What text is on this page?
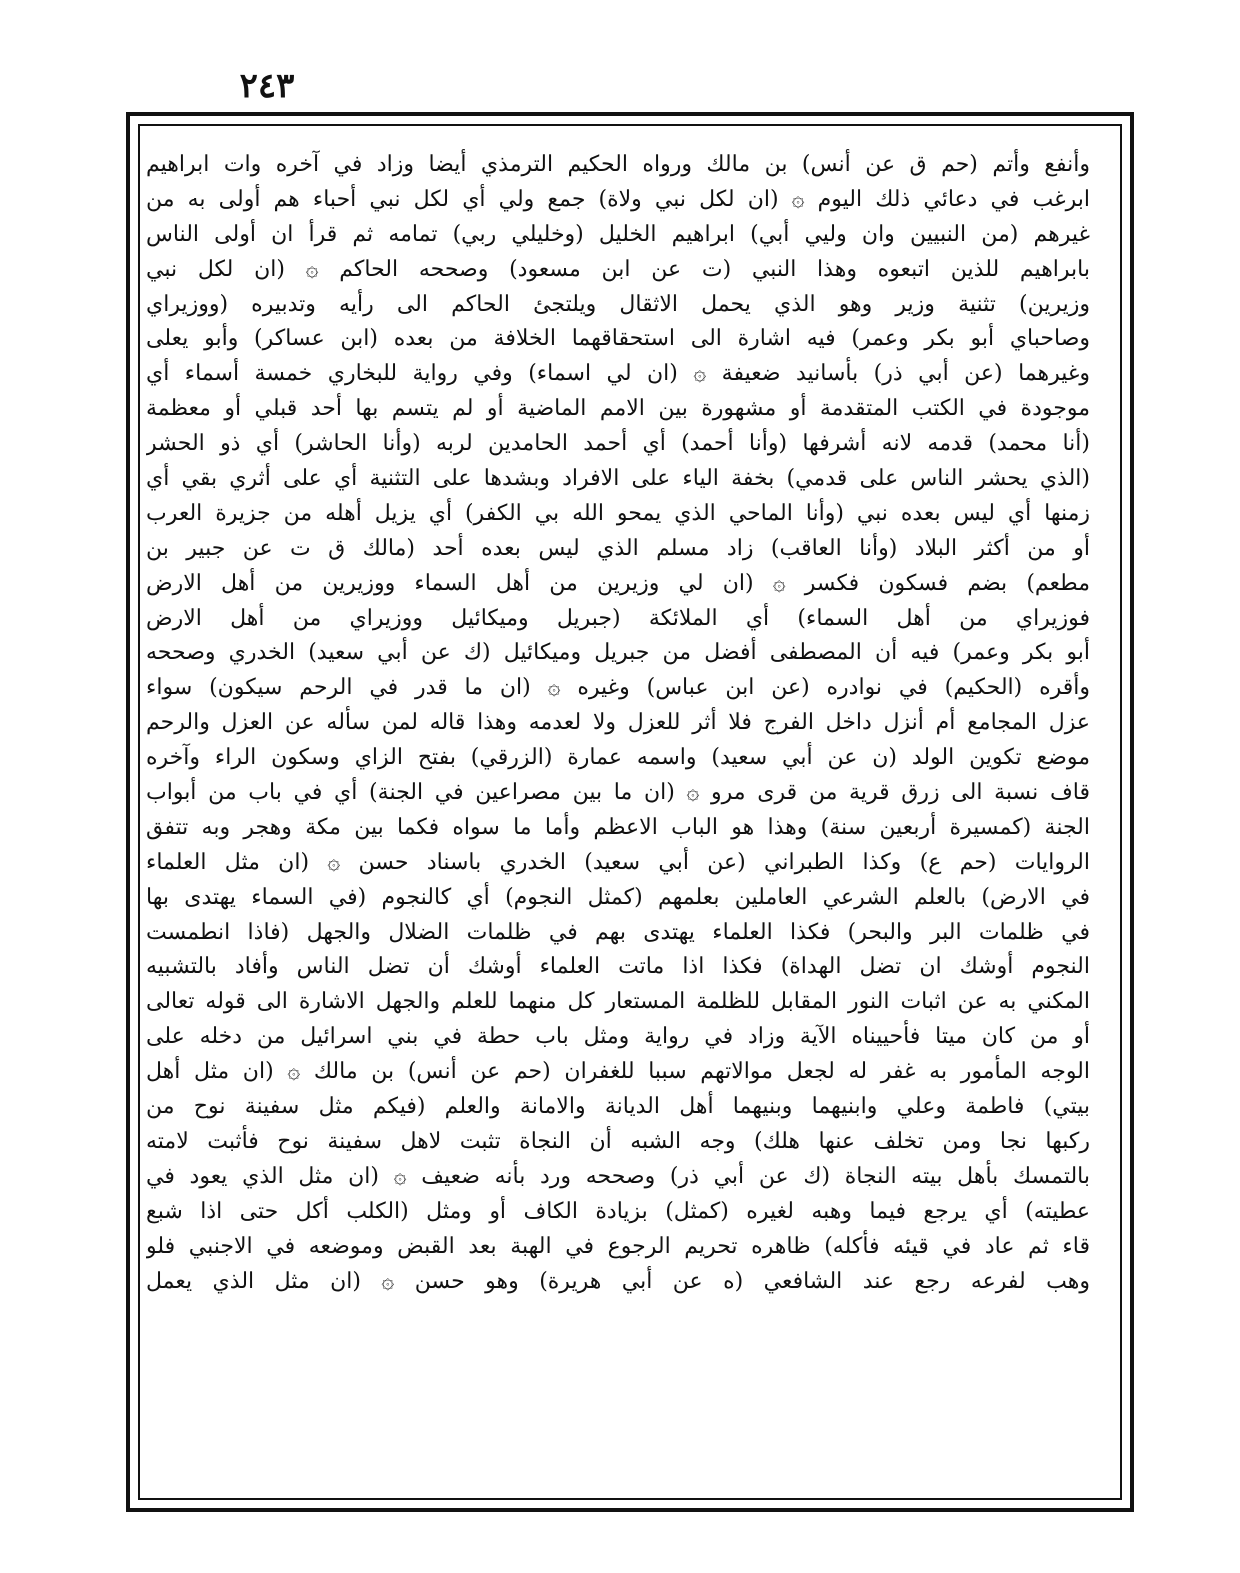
٢٤٣
وأنفع وأتم (حم ق عن أنس) بن مالك ورواه الحكيم الترمذي أيضا وزاد في آخره وات ابراهيم
ابرغب في دعائي ذلك اليوم ۞ (ان لكل نبي ولاة) جمع ولي أي لكل نبي أحباء هم أولى به من
غيرهم (من النبيين وان وليي أبي) ابراهيم الخليل (وخليلي ربي) تمامه ثم قرأ ان أولى الناس
بابراهيم للذين اتبعوه وهذا النبي (ت عن ابن مسعود) وصححه الحاكم ۞ (ان لكل نبي
وزيرين) تثنية وزير وهو الذي يحمل الاثقال ويلتجئ الحاكم الى رأيه وتدبيره (ووزيراي
وصاحباي أبو بكر وعمر) فيه اشارة الى استحقاقهما الخلافة من بعده (ابن عساكر) وأبو يعلى
وغيرهما (عن أبي ذر) بأسانيد ضعيفة ۞ (ان لي اسماء) وفي رواية للبخاري خمسة أسماء أي
موجودة في الكتب المتقدمة أو مشهورة بين الامم الماضية أو لم يتسم بها أحد قبلي أو معظمة
(أنا محمد) قدمه لانه أشرفها (وأنا أحمد) أي أحمد الحامدين لربه (وأنا الحاشر) أي ذو الحشر
(الذي يحشر الناس على قدمي) بخفة الياء على الافراد وبشدها على التثنية أي على أثري بقي أي
زمنها أي ليس بعده نبي (وأنا الماحي الذي يمحو الله بي الكفر) أي يزيل أهله من جزيرة العرب
أو من أكثر البلاد (وأنا العاقب) زاد مسلم الذي ليس بعده أحد (مالك ق ت عن جبير بن
مطعم) بضم فسكون فكسر ۞ (ان لي وزيرين من أهل السماء ووزيرين من أهل الارض
فوزيراي من أهل السماء) أي الملائكة (جبريل وميكائيل ووزيراي من أهل الارض
أبو بكر وعمر) فيه أن المصطفى أفضل من جبريل وميكائيل (ك عن أبي سعيد) الخدري وصححه
وأقره (الحكيم) في نوادره (عن ابن عباس) وغيره ۞ (ان ما قدر في الرحم سيكون) سواء
عزل المجامع أم أنزل داخل الفرج فلا أثر للعزل ولا لعدمه وهذا قاله لمن سأله عن العزل والرحم
موضع تكوين الولد (ن عن أبي سعيد) واسمه عمارة (الزرقي) بفتح الزاي وسكون الراء وآخره
قاف نسبة الى زرق قرية من قرى مرو ۞ (ان ما بين مصراعين في الجنة) أي في باب من أبواب
الجنة (كمسيرة أربعين سنة) وهذا هو الباب الاعظم وأما ما سواه فكما بين مكة وهجر وبه تتفق
الروايات (حم ع) وكذا الطبراني (عن أبي سعيد) الخدري باسناد حسن ۞ (ان مثل العلماء
في الارض) بالعلم الشرعي العاملين بعلمهم (كمثل النجوم) أي كالنجوم (في السماء يهتدى بها
في ظلمات البر والبحر) فكذا العلماء يهتدى بهم في ظلمات الضلال والجهل (فاذا انطمست
النجوم أوشك ان تضل الهداة) فكذا اذا ماتت العلماء أوشك أن تضل الناس وأفاد بالتشبيه
المكني به عن اثبات النور المقابل للظلمة المستعار كل منهما للعلم والجهل الاشارة الى قوله تعالى
أو من كان ميتا فأحييناه الآية وزاد في رواية ومثل باب حطة في بني اسرائيل من دخله على
الوجه المأمور به غفر له لجعل موالاتهم سببا للغفران (حم عن أنس) بن مالك ۞ (ان مثل أهل
بيتي) فاطمة وعلي وابنيهما وبنيهما أهل الديانة والامانة والعلم (فيكم مثل سفينة نوح من
ركبها نجا ومن تخلف عنها هلك) وجه الشبه أن النجاة تثبت لاهل سفينة نوح فأثبت لامته
بالتمسك بأهل بيته النجاة (ك عن أبي ذر) وصححه ورد بأنه ضعيف ۞ (ان مثل الذي يعود في
عطيته) أي يرجع فيما وهبه لغيره (كمثل) بزيادة الكاف أو ومثل (الكلب أكل حتى اذا شبع
قاء ثم عاد في قيئه فأكله) ظاهره تحريم الرجوع في الهبة بعد القبض وموضعه في الاجنبي فلو
وهب لفرعه رجع عند الشافعي (ه عن أبي هريرة) وهو حسن ۞ (ان مثل الذي يعمل
